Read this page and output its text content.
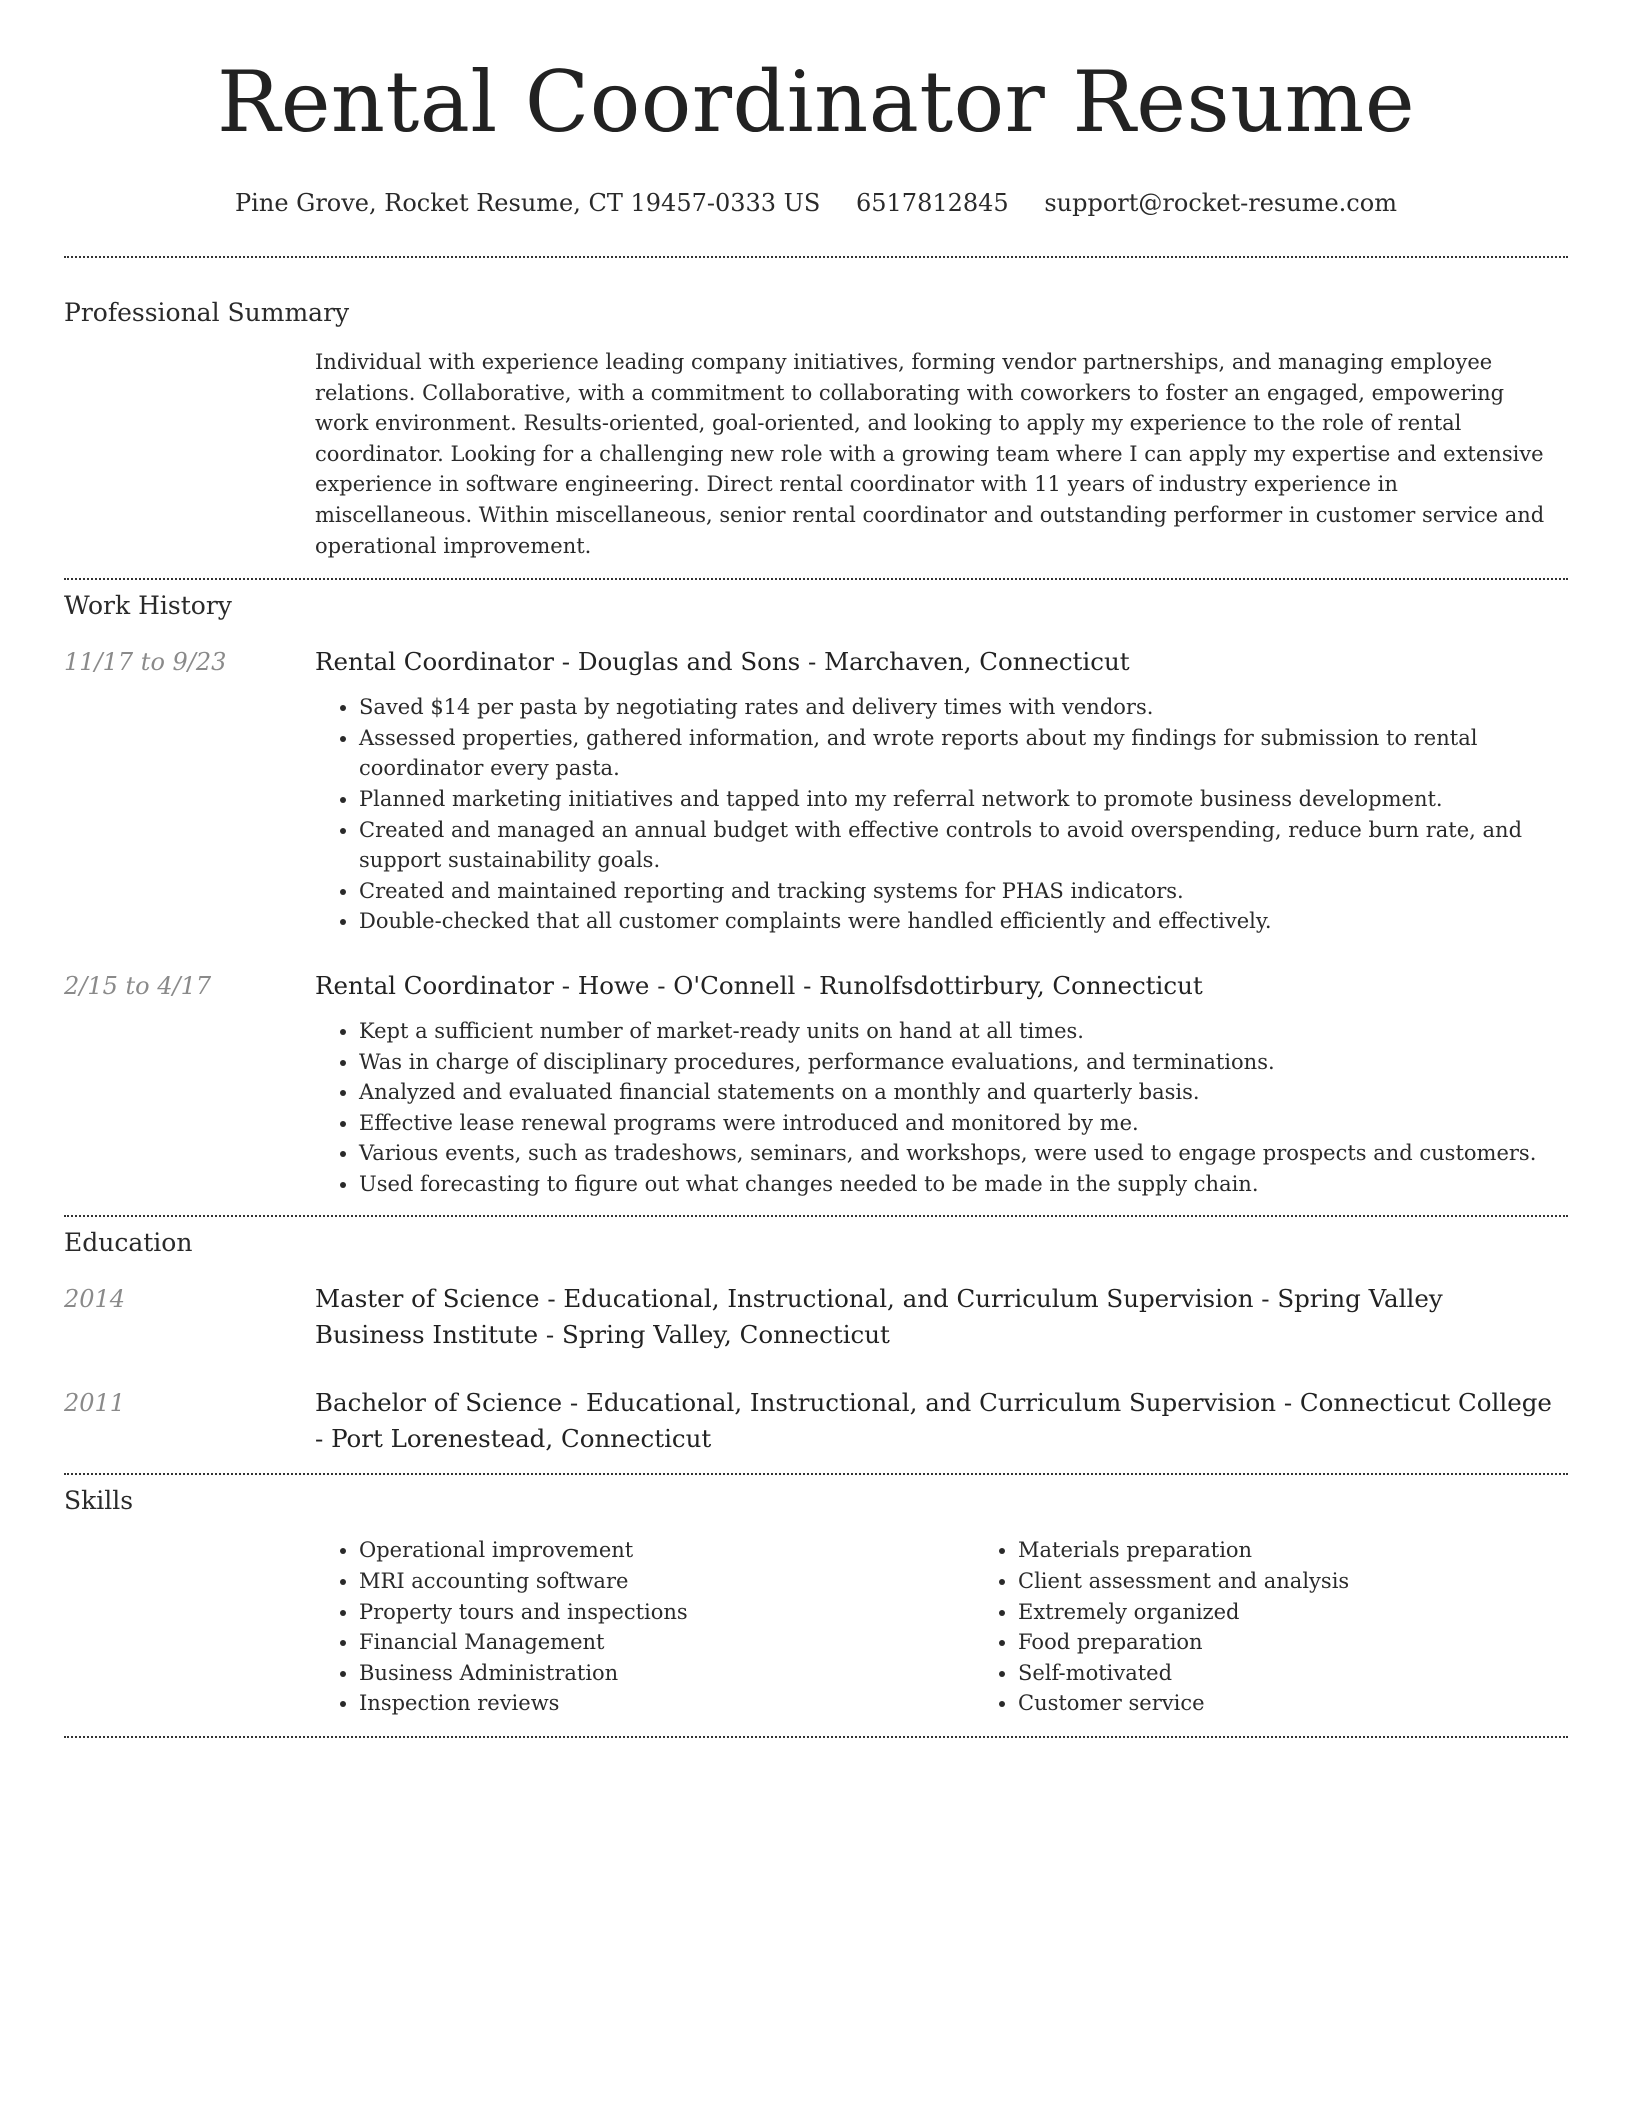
Rental Coordinator Resume
Pine Grove, Rocket Resume, CT 19457-0333 US 6517812845 support@rocket-resume.com
Professional Summary
Individual with experience leading company initiatives, forming vendor partnerships, and managing employee relations. Collaborative, with a commitment to collaborating with coworkers to foster an engaged, empowering work environment. Results-oriented, goal-oriented, and looking to apply my experience to the role of rental coordinator. Looking for a challenging new role with a growing team where I can apply my expertise and extensive experience in software engineering. Direct rental coordinator with 11 years of industry experience in miscellaneous. Within miscellaneous, senior rental coordinator and outstanding performer in customer service and operational improvement.
Work History
11/17 to 9/23	Rental Coordinator - Douglas and Sons - Marchaven, Connecticut
• Saved $14 per pasta by negotiating rates and delivery times with vendors.
• Assessed properties, gathered information, and wrote reports about my findings for submission to rental coordinator every pasta.
• Planned marketing initiatives and tapped into my referral network to promote business development.
• Created and managed an annual budget with effective controls to avoid overspending, reduce burn rate, and support sustainability goals.
• Created and maintained reporting and tracking systems for PHAS indicators.
• Double-checked that all customer complaints were handled efficiently and effectively.
2/15 to 4/17	Rental Coordinator - Howe - O'Connell - Runolfsdottirbury, Connecticut
• Kept a sufficient number of market-ready units on hand at all times.
• Was in charge of disciplinary procedures, performance evaluations, and terminations.
• Analyzed and evaluated financial statements on a monthly and quarterly basis.
• Effective lease renewal programs were introduced and monitored by me.
• Various events, such as tradeshows, seminars, and workshops, were used to engage prospects and customers.
• Used forecasting to figure out what changes needed to be made in the supply chain.
Education
2014	Master of Science - Educational, Instructional, and Curriculum Supervision - Spring Valley Business Institute - Spring Valley, Connecticut
2011	Bachelor of Science - Educational, Instructional, and Curriculum Supervision - Connecticut College - Port Lorenestead, Connecticut
Skills
• Operational improvement
• MRI accounting software
• Property tours and inspections
• Financial Management
• Business Administration
• Inspection reviews
• Materials preparation
• Client assessment and analysis
• Extremely organized
• Food preparation
• Self-motivated
• Customer service
